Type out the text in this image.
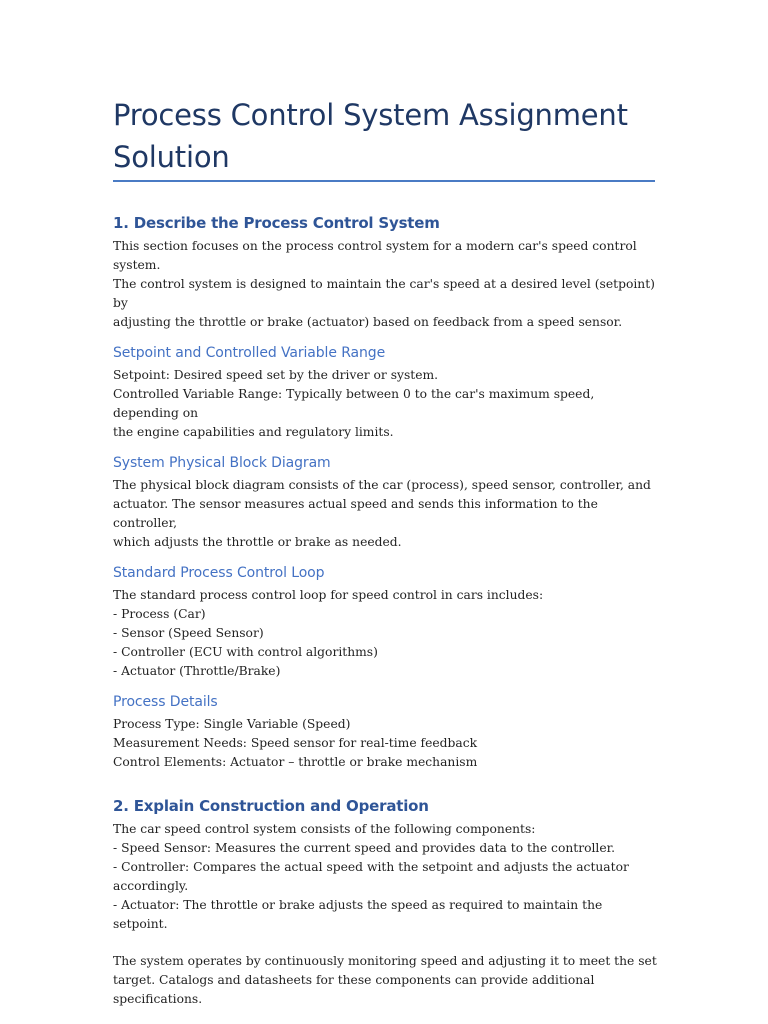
Process Control System Assignment Solution
1. Describe the Process Control System

This section focuses on the process control system for a modern car's speed control system.
The control system is designed to maintain the car's speed at a desired level (setpoint) by
adjusting the throttle or brake (actuator) based on feedback from a speed sensor.

Setpoint and Controlled Variable Range

Setpoint: Desired speed set by the driver or system.
Controlled Variable Range: Typically between 0 to the car's maximum speed, depending on
the engine capabilities and regulatory limits.

System Physical Block Diagram

The physical block diagram consists of the car (process), speed sensor, controller, and
actuator. The sensor measures actual speed and sends this information to the controller,
which adjusts the throttle or brake as needed.

Standard Process Control Loop

The standard process control loop for speed control in cars includes:
- Process (Car)
- Sensor (Speed Sensor)
- Controller (ECU with control algorithms)
- Actuator (Throttle/Brake)

Process Details

Process Type: Single Variable (Speed)
Measurement Needs: Speed sensor for real-time feedback
Control Elements: Actuator – throttle or brake mechanism

2. Explain Construction and Operation

The car speed control system consists of the following components:
- Speed Sensor: Measures the current speed and provides data to the controller.
- Controller: Compares the actual speed with the setpoint and adjusts the actuator
accordingly.
- Actuator: The throttle or brake adjusts the speed as required to maintain the setpoint.

The system operates by continuously monitoring speed and adjusting it to meet the set
target. Catalogs and datasheets for these components can provide additional specifications.
